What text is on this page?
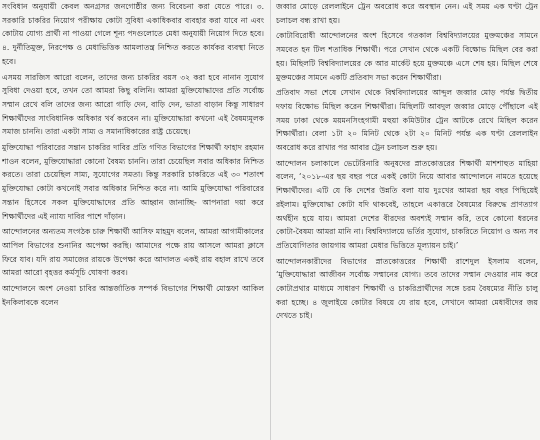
সংবিধান অনুযায়ী কেবল অনগ্রসর জনগোষ্ঠীর জন্য বিবেচনা করা যেতে পারে। ৩. সরকারি চাকরির নিয়োগ পরীক্ষায় কোটা সুবিধা একাধিকবার ব্যবহার করা যাবে না এবং কোটায় যোগ্য প্রার্থী না পাওয়া গেলে শূন্য পদগুলোতে মেধা অনুযায়ী নিয়োগ দিতে হবে। ৪. দুর্নীতিমুক্ত, নিরপেক্ষ ও মেধাভিত্তিক আমলাতন্ত্র নিশ্চিত করতে কার্যকর ব্যবস্থা নিতে হবে।

এসময় সারজিস আরো বলেন, তাদের জন্য চাকরির বয়স ৩২ করা হবে নানান সুযোগ সুবিধা দেওয়া হবে, তখন তো আমরা কিছু বলিনি। আমরা মুক্তিযোদ্ধাদের প্রতি সর্বোচ্চ সম্মান রেখে বলি তাদের জন্য আরো গাড়ি দেন, বাড়ি দেন, ভাতা বাড়ান কিন্তু সাধারণ শিক্ষার্থীদের সাংবিধানিক অধিকার খর্ব করবেন না। মুক্তিযোদ্ধারা কখনো এই বৈষম্যমূলক সমাজ চাননি। তারা একটা সাম্য ও সমানাধিকারের রাষ্ট্র চেয়েছে।

মুক্তিযোদ্ধা পরিবারের সন্তান চাকরির দাবির প্রতি গণিত বিভাগের শিক্ষার্থী ফাহাদ রহমান শাওন বলেন, মুক্তিযোদ্ধারা কোনো বৈষম্য চাননি। তারা চেয়েছিল সবার অধিকার নিশ্চিত করতে। তারা চেয়েছিল সাম্য, সুযোগের সমতা। কিন্তু সরকারি চাকরিতে এই ৩০ শতাংশ মুক্তিযোদ্ধা কোটা কখনোই সবার অধিকার নিশ্চিত করে না। আমি মুক্তিযোদ্ধা পরিবারের সন্তান হিসেবে সকল মুক্তিযোদ্ধাদের প্রতি আহ্বান জানাচ্ছি- আপনারা দয়া করে শিক্ষার্থীদের এই ন্যায্য দাবির পাশে দাঁড়ান।

আন্দোলনের অন্যতম সংগঠক চারু শিক্ষার্থী আসিফ মাহমুদ বলেন, আমরা আগামীকালের আপিল বিভাগের শুনানির অপেক্ষা করছি। আমাদের পক্ষে রায় আসলে আমরা ক্লাসে ফিরে যাব। যদি রায় সমাজের রায়কে উপেক্ষা করে আদালত একই রায় বহাল রাখে তবে আমরা আরো বৃহত্তর কর্মসূচি ঘোষণা করব।

আন্দোলনে অংশ নেওয়া চাবির আন্তর্জাতিক সম্পর্ক বিভাগের শিক্ষার্থী মোস্তফা আকিল ইনকিলাবকে বলেন

জব্বার মোড়ে রেললাইনে ট্রেন অবরোধ করে অবস্থান নেন। এই সময় এক ঘণ্টা ট্রেন চলাচল বন্ধ রাখা হয়।

কোটাবিরোধী আন্দোলনের অংশ হিসেবে গতকাল বিশ্ববিদ্যালয়ের মুক্তমঞ্চের সামনে সমবেত হন টিল শতাধিক শিক্ষার্থী। পরে সেখান থেকে একটি বিক্ষোভ মিছিল বের করা হয়। মিছিলটি বিশ্ববিদ্যালয়ের কে আর মার্কেট হয়ে মুক্তমঞ্চে এসে শেষ হয়। মিছিল শেষে মুক্তমঞ্চের সামনে একটি প্রতিবাদ সভা করেন শিক্ষার্থীরা।

প্রতিবাদ সভা শেষে সেখান থেকে বিশ্ববিদ্যালয়ের আব্দুল জব্বার মোড় পর্যন্ত দ্বিতীয় দফায় বিক্ষোভ মিছিল করেন শিক্ষার্থীরা। মিছিলটি আবদুল জব্বার মোড়ে পৌঁছালে এই সময় ঢাকা থেকে ময়মনসিংহগামী মহুয়া কমিউটার ট্রেন আটকে রেখে মিছিল করেন শিক্ষার্থীরা। বেলা ১টা ২০ মিনিট থেকে ২টা ২০ মিনিট পর্যন্ত এক ঘণ্টা রেললাইন অবরোধ করে রাখার পর আবার ট্রেন চলাচল শুরু হয়।

আন্দোলন চলাকালে ভেটেরিনারি অনুষদের স্নাতকোত্তরের শিক্ষার্থী মাশশাহুত মাহিয়া বলেন, ‘২০১৮-এর ছয় বছর পরে একই কোটা নিয়ে আবার আন্দোলনে নামতে হয়েছে শিক্ষার্থীদের। এটি যে কি দেশের উন্নতি বলা যায় দুঃখের আমরা ছয় বছর পিছিয়েই রইলাম। মুক্তিযোদ্ধা কোটা যদি থাকবেই, তাহলে একাত্তরে বৈষম্যের বিরুদ্ধে প্রাণত্যাগ অর্থহীন হয়ে যায়। আমরা দেশের বীরদের অবশ্যই সম্মান করি, তবে কোনো ধরনের কোটা-বৈষম্য আমরা মানি না। বিশ্ববিদ্যালয়ে ভর্তির সুযোগ, চাকরিতে নিয়োগ ও অন্য সব প্রতিযোগিতার জায়গায় আমরা মেধার ভিত্তিতে মূল্যায়ন চাই।’

আন্দোলনকারীদের বিভাগের স্নাতকোত্তরের শিক্ষার্থী রাশেদুল ইসলাম বলেন, ‘মুক্তিযোদ্ধারা আজীবন সর্বোচ্চ সম্মানের যোগ্য। তবে তাদের সম্মান দেওয়ার নাম করে কোটাপ্রথার মাধ্যমে সাধারণ শিক্ষার্থী ও চাকরিপ্রার্থীদের সঙ্গে চরম বৈষম্যের নীতি চালু করা হচ্ছে। ৪ জুলাইয়ে কোটার বিষয়ে যে রায় হবে, সেখানে আমরা মেধাবীদের জয় দেখতে চাই।
